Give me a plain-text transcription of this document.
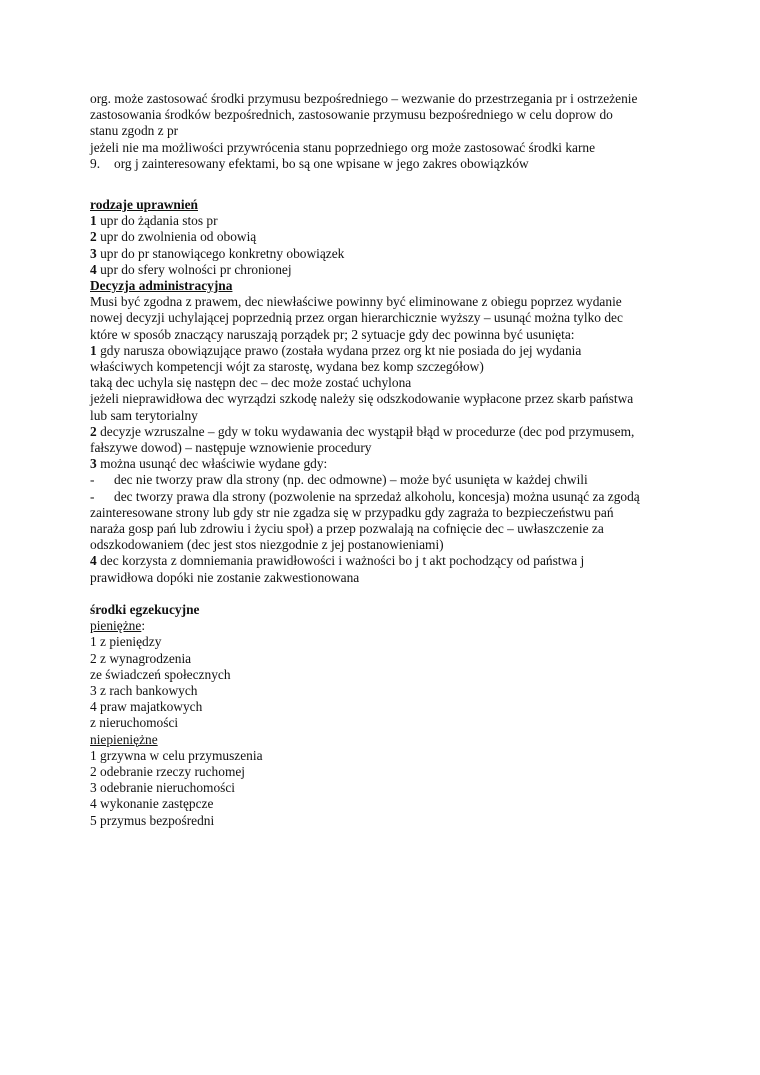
org. może zastosować środki przymusu bezpośredniego – wezwanie do przestrzegania pr i ostrzeżenie
zastosowania środków bezpośrednich, zastosowanie przymusu bezpośredniego w celu doprow do
stanu zgodn z pr
jeżeli nie ma możliwości przywrócenia stanu poprzedniego org może zastosować środki karne
9. org j zainteresowany efektami, bo są one wpisane w jego zakres obowiązków
rodzaje uprawnień
1 upr do żądania stos pr
2 upr do zwolnienia od obowią
3 upr do pr stanowiącego konkretny obowiązek
4 upr do sfery wolności pr chronionej
Decyzja administracyjna
Musi być zgodna z prawem, dec niewłaściwe powinny być eliminowane z obiegu poprzez wydanie
nowej decyzji uchylającej poprzednią przez organ hierarchicznie wyższy – usunąć można tylko dec
które w sposób znaczący naruszają porządek pr; 2 sytuacje gdy dec powinna być usunięta:
1 gdy narusza obowiązujące prawo (została wydana przez org kt nie posiada do jej wydania
właściwych kompetencji wójt za starostę, wydana bez komp szczegółow)
taką dec uchyla się następn dec – dec może zostać uchylona
jeżeli nieprawidłowa dec wyrządzi szkodę należy się odszkodowanie wypłacone przez skarb państwa
lub sam terytorialny
2 decyzje wzruszalne – gdy w toku wydawania dec wystąpił błąd w procedurze (dec pod przymusem,
fałszywe dowod) – następuje wznowienie procedury
3 można usunąć dec właściwie wydane gdy:
- dec nie tworzy praw dla strony (np. dec odmowne) – może być usunięta w każdej chwili
- dec tworzy prawa dla strony (pozwolenie na sprzedaż alkoholu, koncesja) można usunąć za zgodą
zainteresowane strony lub gdy str nie zgadza się w przypadku gdy zagraża to bezpieczeństwu pań
naraża gosp pań lub zdrowiu i życiu społ) a przep pozwalają na cofnięcie dec – uwłaszczenie za
odszkodowaniem (dec jest stos niezgodnie z jej postanowieniami)
4 dec korzysta z domniemania prawidłowości i ważności bo j t akt pochodzący od państwa j
prawidłowa dopóki nie zostanie zakwestionowana
środki egzekucyjne
pieniężne:
1 z pieniędzy
2 z wynagrodzenia
ze świadczeń społecznych
3 z rach bankowych
4 praw majatkowych
z nieruchomości
niepieniężne
1 grzywna w celu przymuszenia
2 odebranie rzeczy ruchomej
3 odebranie nieruchomości
4 wykonanie zastępcze
5 przymus bezpośredni
